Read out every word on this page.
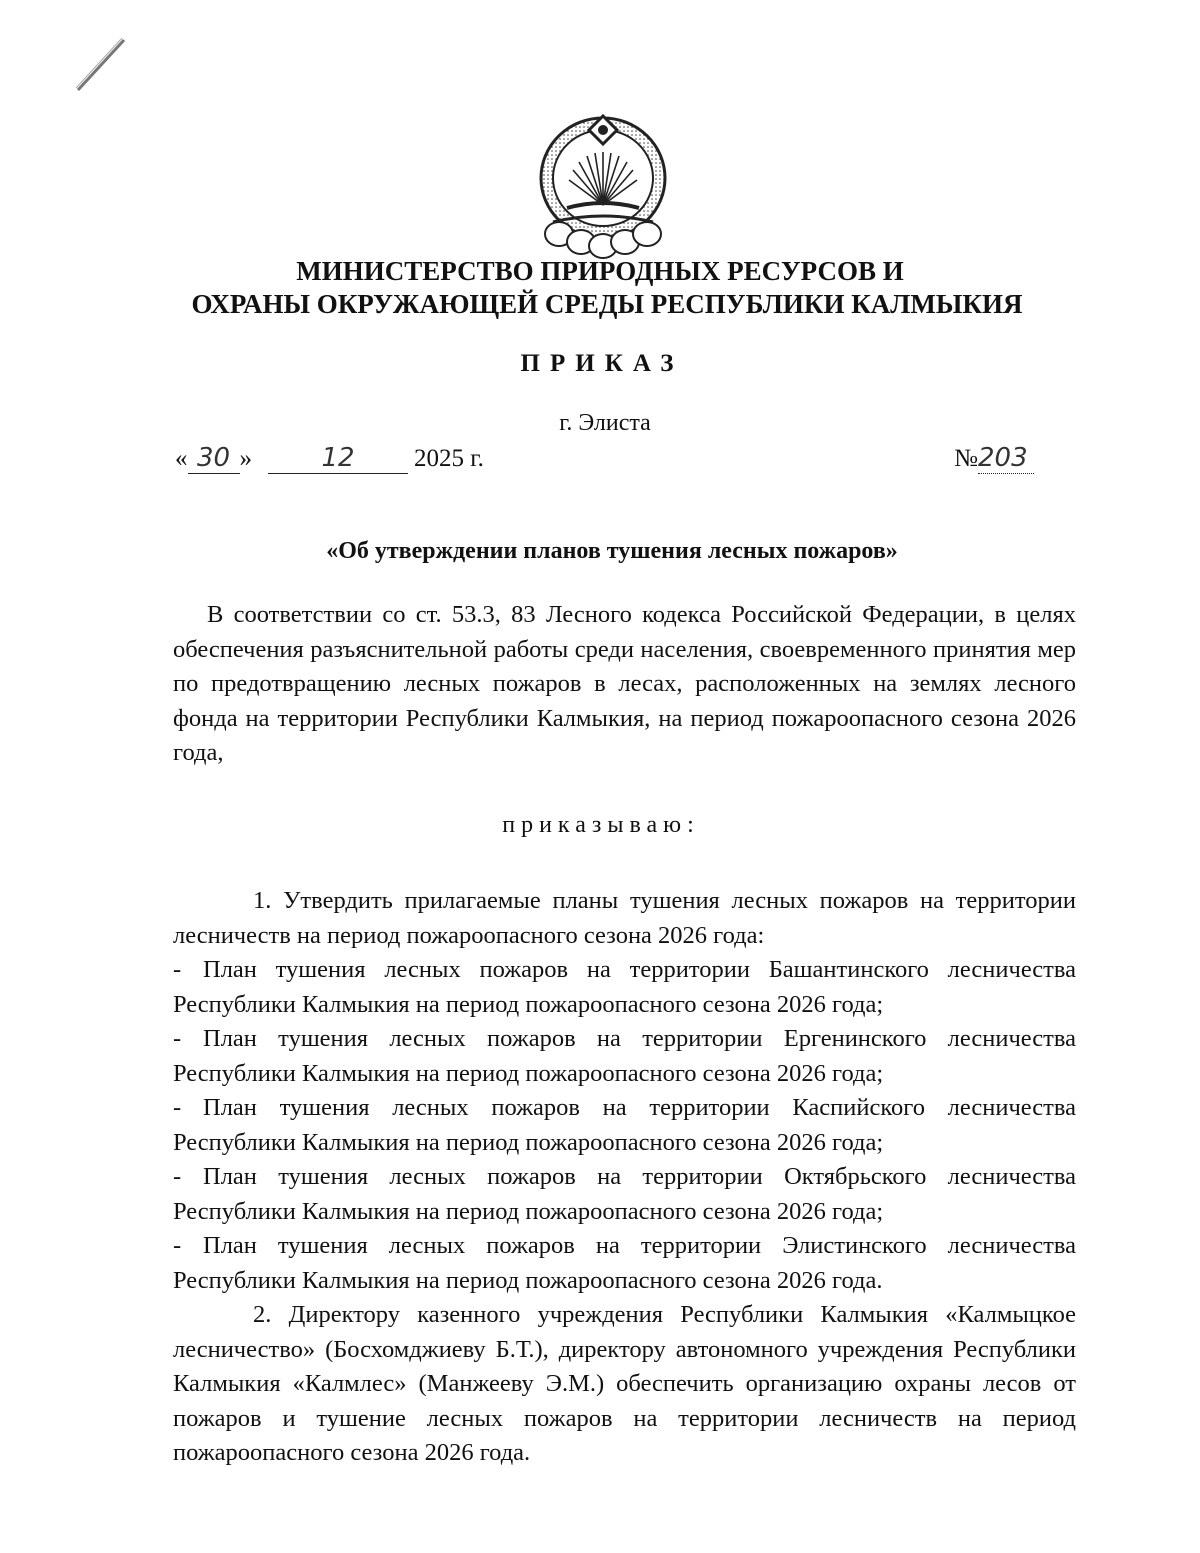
МИНИСТЕРСТВО ПРИРОДНЫХ РЕСУРСОВ И
ОХРАНЫ ОКРУЖАЮЩЕЙ СРЕДЫ РЕСПУБЛИКИ КАЛМЫКИЯ
ПРИКАЗ
г. Элиста
« 30 »	12 2025 г.	№203
«Об утверждении планов тушения лесных пожаров»
В соответствии со ст. 53.3, 83 Лесного кодекса Российской Федерации, в целях обеспечения разъяснительной работы среди населения, своевременного принятия мер по предотвращению лесных пожаров в лесах, расположенных на землях лесного фонда на территории Республики Калмыкия, на период пожароопасного сезона 2026 года,
приказываю:

1. Утвердить прилагаемые планы тушения лесных пожаров на территории лесничеств на период пожароопасного сезона 2026 года:

- План тушения лесных пожаров на территории Башантинского лесничества Республики Калмыкия на период пожароопасного сезона 2026 года;

- План тушения лесных пожаров на территории Ергенинского лесничества Республики Калмыкия на период пожароопасного сезона 2026 года;

- План тушения лесных пожаров на территории Каспийского лесничества Республики Калмыкия на период пожароопасного сезона 2026 года;

- План тушения лесных пожаров на территории Октябрьского лесничества Республики Калмыкия на период пожароопасного сезона 2026 года;

- План тушения лесных пожаров на территории Элистинского лесничества Республики Калмыкия на период пожароопасного сезона 2026 года.

2. Директору казенного учреждения Республики Калмыкия «Калмыцкое лесничество» (Босхомджиеву Б.Т.), директору автономного учреждения Республики Калмыкия «Калмлес» (Манжееву Э.М.) обеспечить организацию охраны лесов от пожаров и тушение лесных пожаров на территории лесничеств на период пожароопасного сезона 2026 года.
